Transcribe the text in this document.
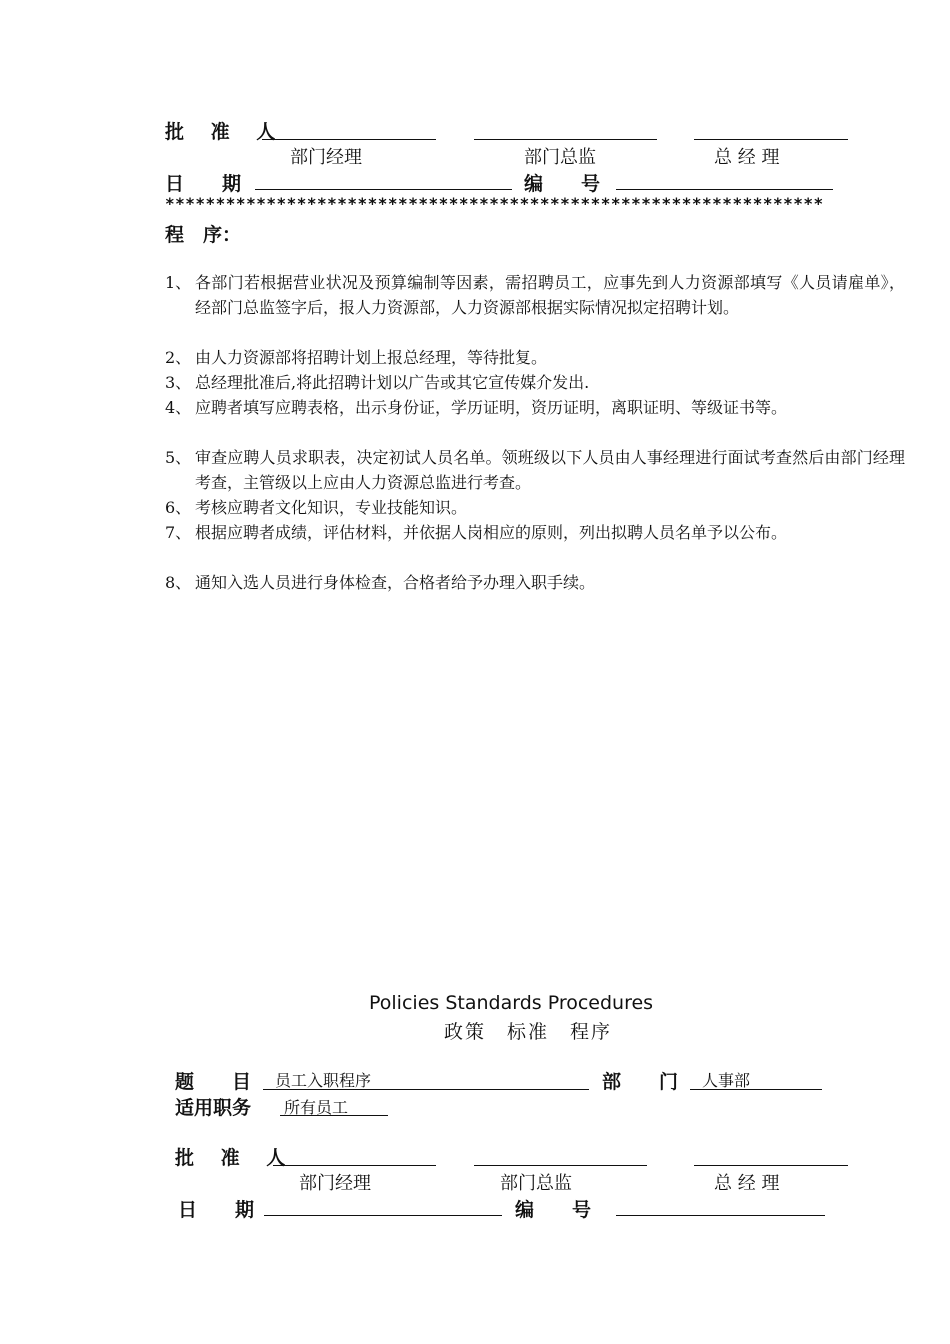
批 准 人
部门经理	部门总监	总 经 理
日　　期	编　　号
*****************************************************************
程　序：
1、 各部门若根据营业状况及预算编制等因素，需招聘员工，应事先到人力资源部填写《人员请雇单》，经部门总监签字后，报人力资源部，人力资源部根据实际情况拟定招聘计划。
2、 由人力资源部将招聘计划上报总经理，等待批复。
3、 总经理批准后,将此招聘计划以广告或其它宣传媒介发出.
4、 应聘者填写应聘表格，出示身份证，学历证明，资历证明，离职证明、等级证书等。
5、 审查应聘人员求职表，决定初试人员名单。领班级以下人员由人事经理进行面试考查然后由部门经理考查，主管级以上应由人力资源总监进行考查。
6、 考核应聘者文化知识，专业技能知识。
7、 根据应聘者成绩，评估材料，并依据人岗相应的原则，列出拟聘人员名单予以公布。
8、 通知入选人员进行身体检查，合格者给予办理入职手续。
Policies Standards Procedures
政策　标准　程序
题　　目 员工入职程序	部　　门 人事部
适用职务 所有员工
批 准 人
部门经理	部门总监	总 经 理
日　　期	编　　号
